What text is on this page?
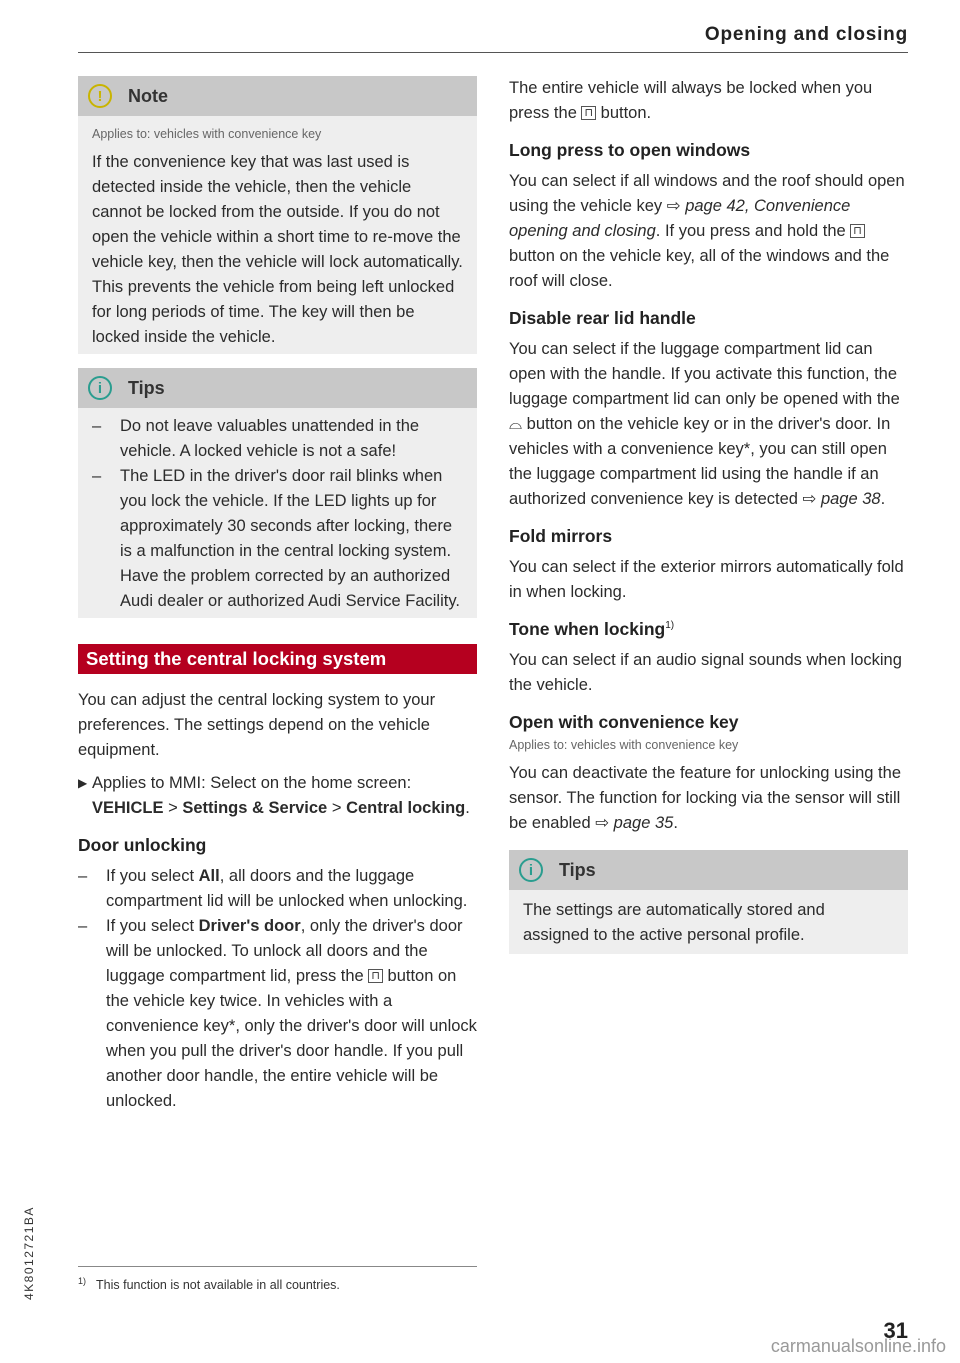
Opening and closing
!	Note
Applies to: vehicles with convenience key

If the convenience key that was last used is detected inside the vehicle, then the vehicle cannot be locked from the outside. If you do not open the vehicle within a short time to re-move the vehicle key, then the vehicle will lock automatically. This prevents the vehicle from being left unlocked for long periods of time. The key will then be locked inside the vehicle.

i	Tips
– Do not leave valuables unattended in the vehicle. A locked vehicle is not a safe!
– The LED in the driver's door rail blinks when you lock the vehicle. If the LED lights up for approximately 30 seconds after locking, there is a malfunction in the central locking system. Have the problem corrected by an authorized Audi dealer or authorized Audi Service Facility.
Setting the central locking system

You can adjust the central locking system to your preferences. The settings depend on the vehicle equipment.

▶ Applies to MMI: Select on the home screen: VEHICLE > Settings & Service > Central locking.
Door unlocking
– If you select All, all doors and the luggage compartment lid will be unlocked when unlocking.
– If you select Driver's door, only the driver's door will be unlocked. To unlock all doors and the luggage compartment lid, press the ⊓ button on the vehicle key twice. In vehicles with a convenience key*, only the driver's door will unlock when you pull the driver's door handle. If you pull another door handle, the entire vehicle will be unlocked.

The entire vehicle will always be locked when you press the ⊓ button.

Long press to open windows

You can select if all windows and the roof should open using the vehicle key ⇨ page 42, Convenience opening and closing. If you press and hold the ⊓ button on the vehicle key, all of the windows and the roof will close.

Disable rear lid handle

You can select if the luggage compartment lid can open with the handle. If you activate this function, the luggage compartment lid can only be opened with the ⌓ button on the vehicle key or in the driver's door. In vehicles with a convenience key*, you can still open the luggage compartment lid using the handle if an authorized convenience key is detected ⇨ page 38.

Fold mirrors

You can select if the exterior mirrors automatically fold in when locking.

Tone when locking$^{1)}$

You can select if an audio signal sounds when locking the vehicle.

Open with convenience key
Applies to: vehicles with convenience key

You can deactivate the feature for unlocking using the sensor. The function for locking via the sensor will still be enabled ⇨ page 35.

i	Tips

The settings are automatically stored and assigned to the active personal profile.

$^{1)}$ This function is not available in all countries.
4K8012721BA
31
carmanualsonline.info
